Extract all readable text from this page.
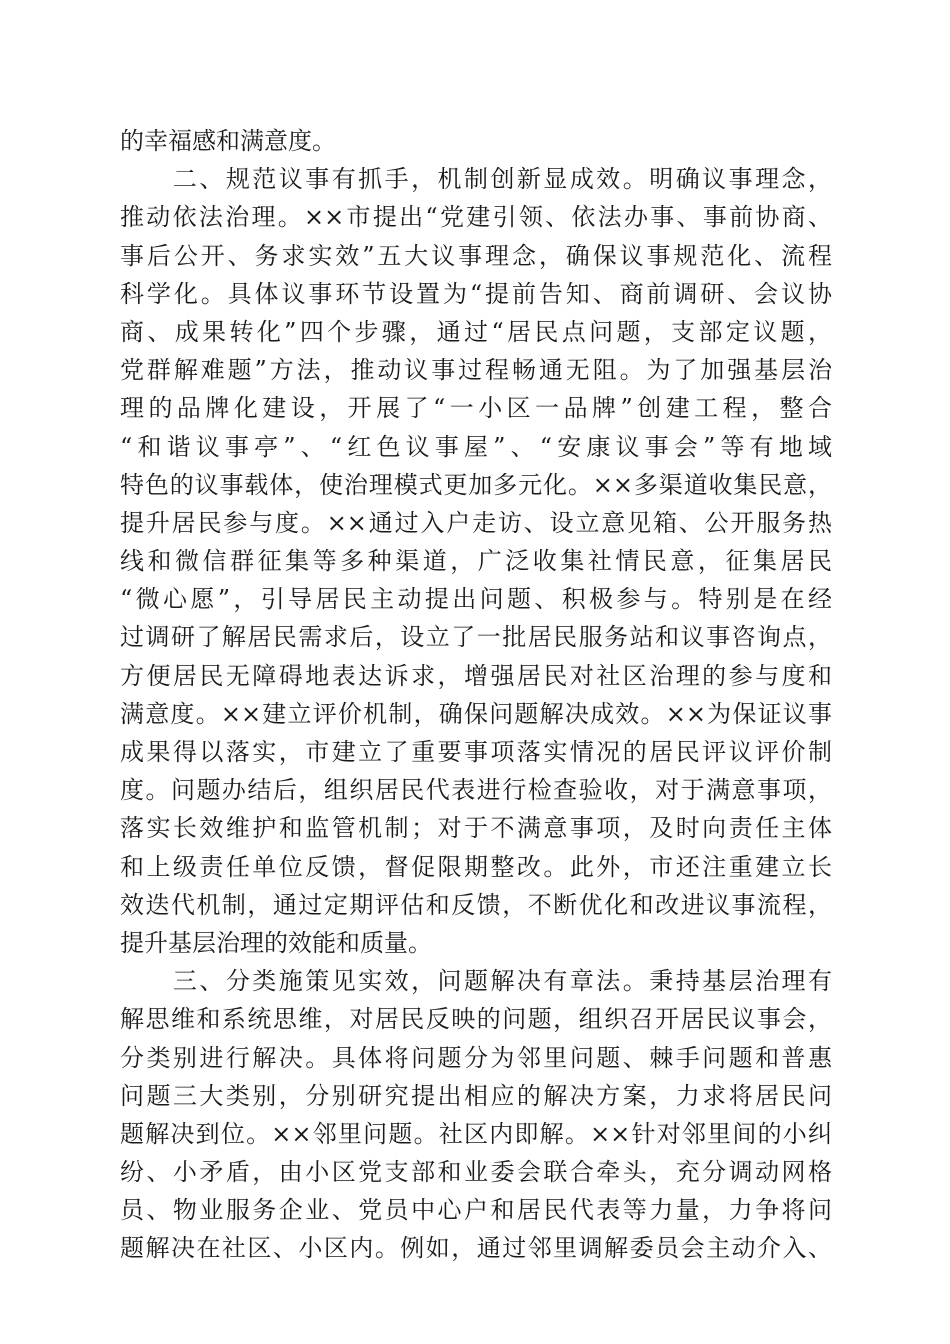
的幸福感和满意度。
　　二、规范议事有抓手，机制创新显成效。明确议事理念，
推动依法治理。××市提出“党建引领、依法办事、事前协商、
事后公开、务求实效”五大议事理念，确保议事规范化、流程
科学化。具体议事环节设置为“提前告知、商前调研、会议协
商、成果转化”四个步骤，通过“居民点问题，支部定议题，
党群解难题”方法，推动议事过程畅通无阻。为了加强基层治
理的品牌化建设，开展了“一小区一品牌”创建工程，整合
“和谐议事亭”、“红色议事屋”、“安康议事会”等有地域
特色的议事载体，使治理模式更加多元化。××多渠道收集民意，
提升居民参与度。××通过入户走访、设立意见箱、公开服务热
线和微信群征集等多种渠道，广泛收集社情民意，征集居民
“微心愿”，引导居民主动提出问题、积极参与。特别是在经
过调研了解居民需求后，设立了一批居民服务站和议事咨询点，
方便居民无障碍地表达诉求，增强居民对社区治理的参与度和
满意度。××建立评价机制，确保问题解决成效。××为保证议事
成果得以落实，市建立了重要事项落实情况的居民评议评价制
度。问题办结后，组织居民代表进行检查验收，对于满意事项，
落实长效维护和监管机制；对于不满意事项，及时向责任主体
和上级责任单位反馈，督促限期整改。此外，市还注重建立长
效迭代机制，通过定期评估和反馈，不断优化和改进议事流程，
提升基层治理的效能和质量。
　　三、分类施策见实效，问题解决有章法。秉持基层治理有
解思维和系统思维，对居民反映的问题，组织召开居民议事会，
分类别进行解决。具体将问题分为邻里问题、棘手问题和普惠
问题三大类别，分别研究提出相应的解决方案，力求将居民问
题解决到位。××邻里问题。社区内即解。××针对邻里间的小纠
纷、小矛盾，由小区党支部和业委会联合牵头，充分调动网格
员、物业服务企业、党员中心户和居民代表等力量，力争将问
题解决在社区、小区内。例如，通过邻里调解委员会主动介入、
